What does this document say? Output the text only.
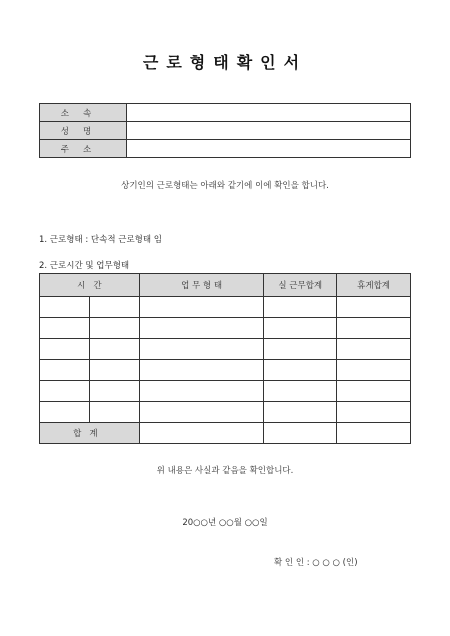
근로형태확인서
소속	
성명	
주소	
상기인의 근로형태는 아래와 같기에 이에 확인을 합니다.
1. 근로형태 : 단속적 근로형태 임
2. 근로시간 및 업무형태
시   간		업 무 형 태	실 근무합계	휴게합계

합계				
위 내용은 사실과 같음을 확인합니다.
20○○년 ○○월 ○○일
확 인 인 : ○ ○ ○ (인)
